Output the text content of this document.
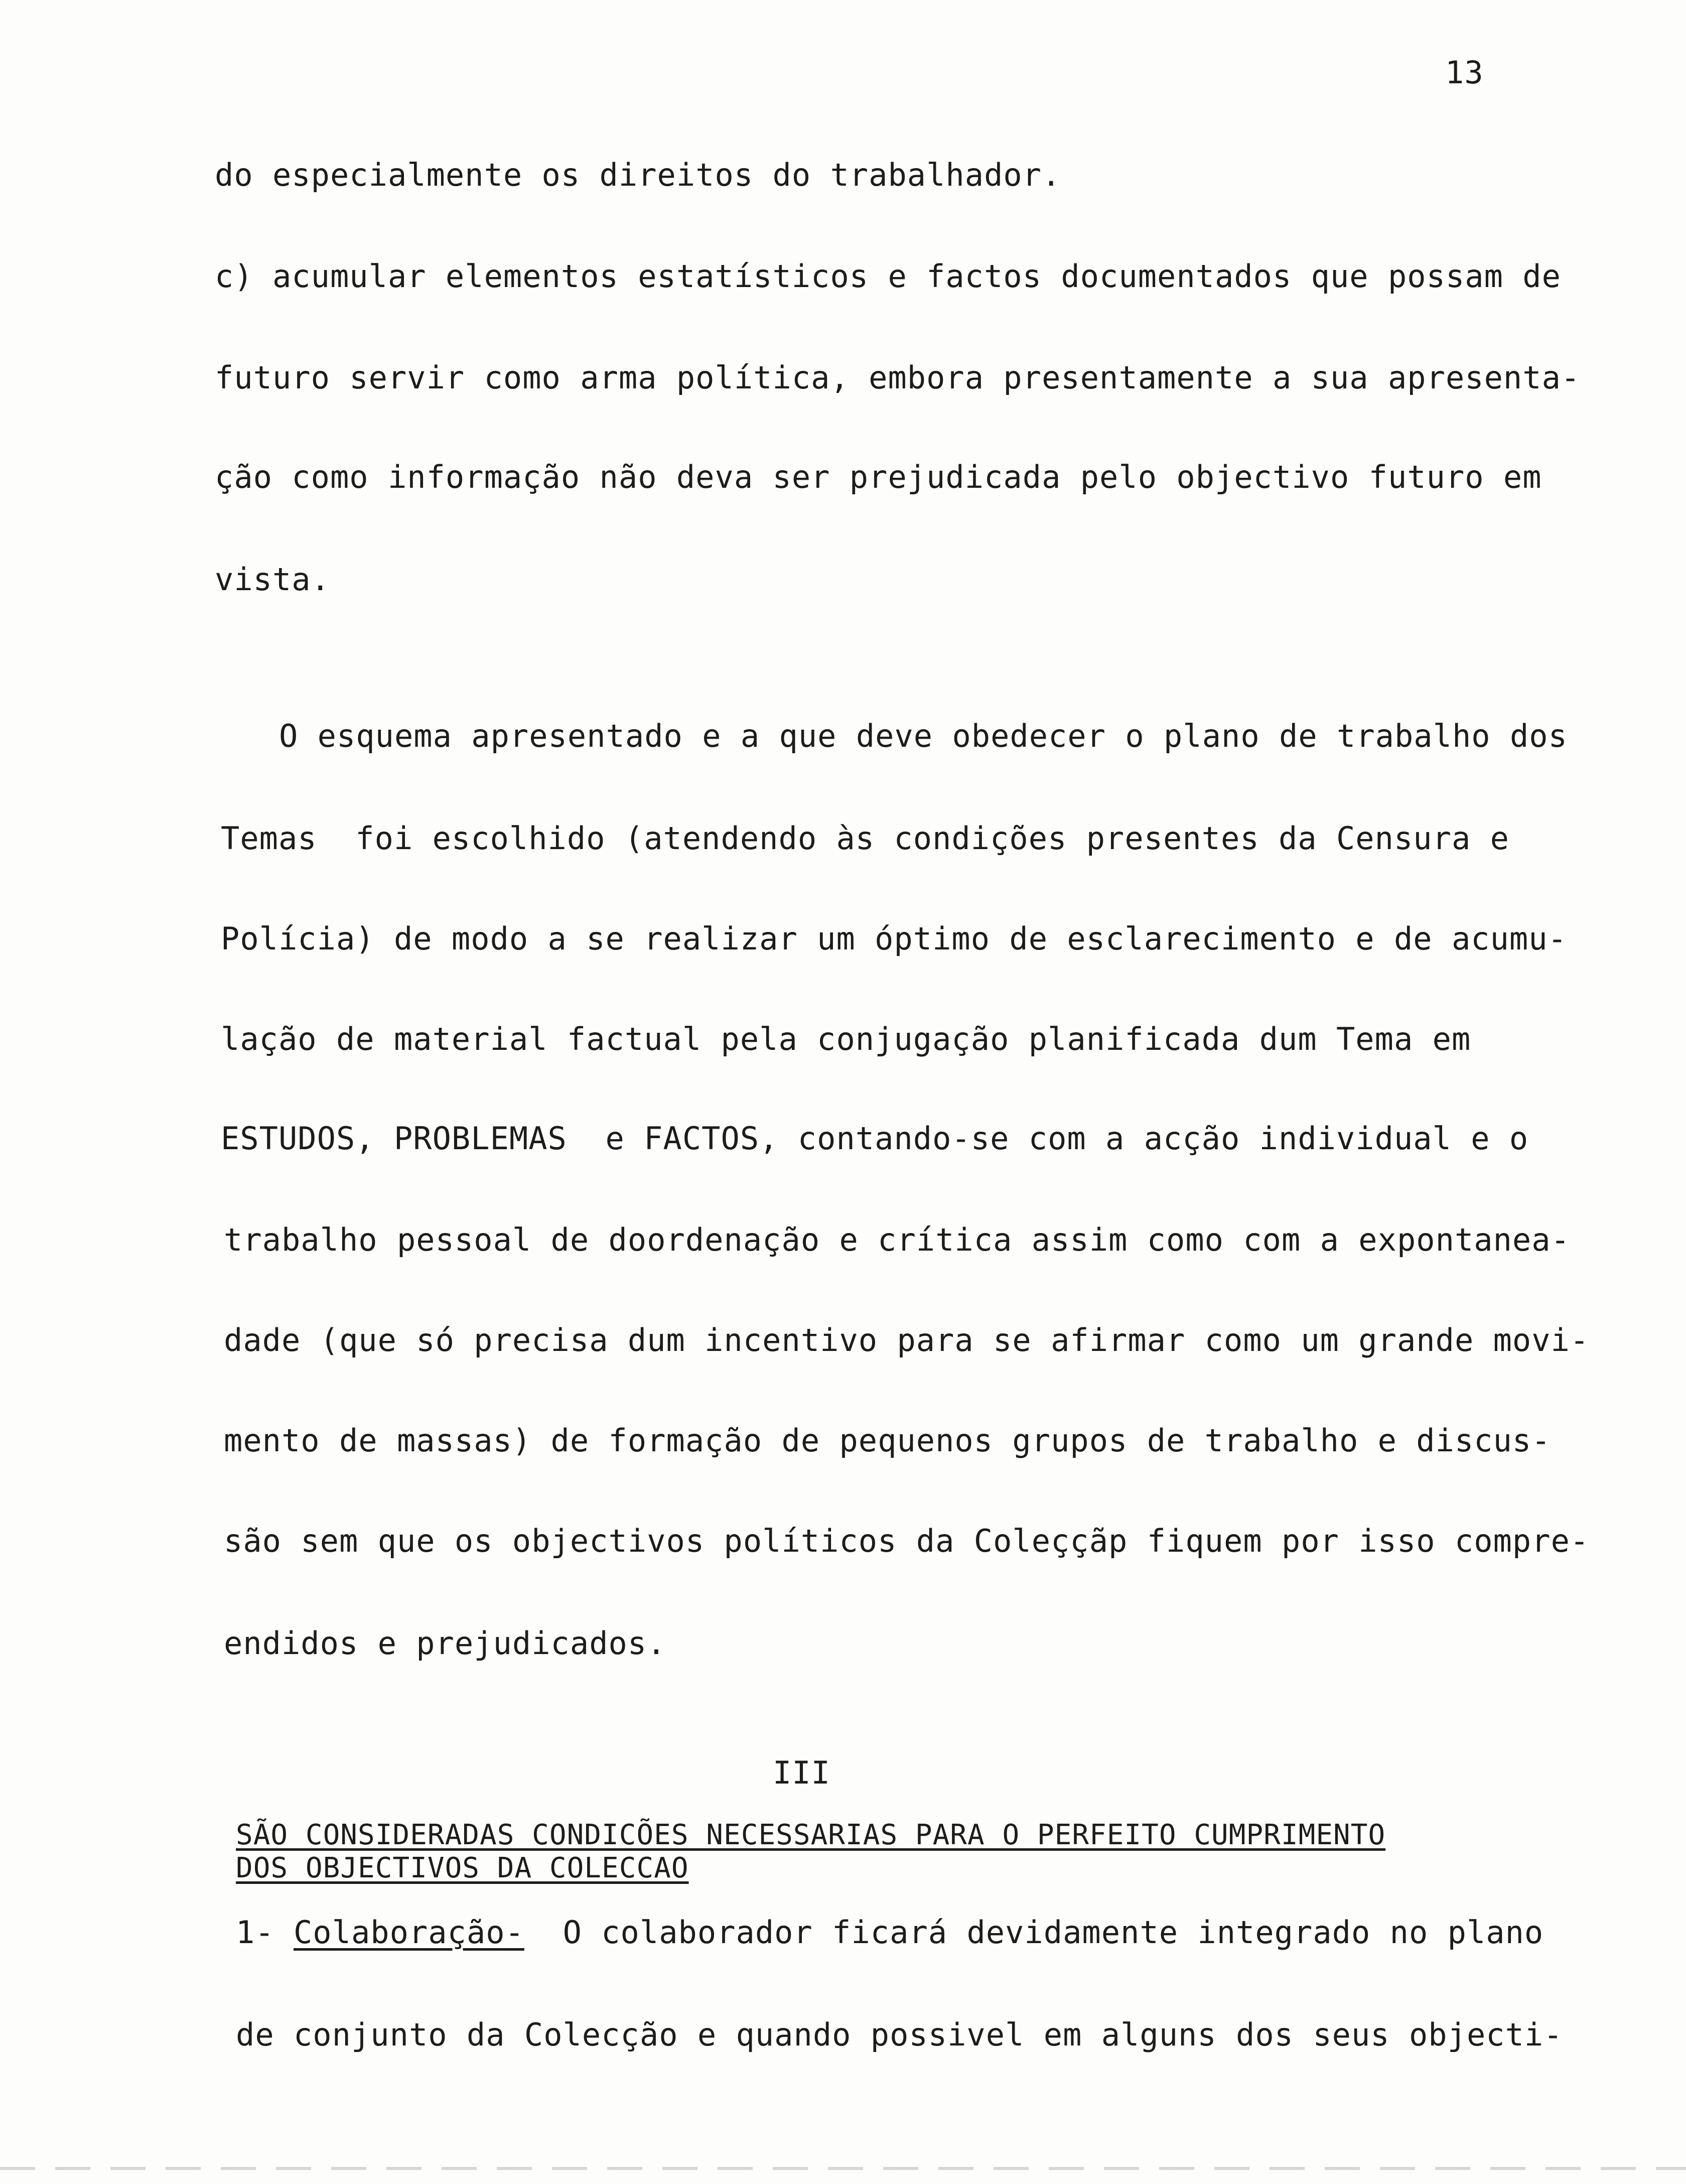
13
do especialmente os direitos do trabalhador.
c) acumular elementos estatísticos e factos documentados que possam de
futuro servir como arma política, embora presentamente a sua apresenta-
ção como informação não deva ser prejudicada pelo objectivo futuro em
vista.
O esquema apresentado e a que deve obedecer o plano de trabalho dos
Temas  foi escolhido (atendendo às condições presentes da Censura e
Polícia) de modo a se realizar um óptimo de esclarecimento e de acumu-
lação de material factual pela conjugação planificada dum Tema em
ESTUDOS, PROBLEMAS  e FACTOS, contando-se com a acção individual e o
trabalho pessoal de doordenação e crítica assim como com a expontanea-
dade (que só precisa dum incentivo para se afirmar como um grande movi-
mento de massas) de formação de pequenos grupos de trabalho e discus-
são sem que os objectivos políticos da Coleççãp fiquem por isso compre-
endidos e prejudicados.
III
SÃO CONSIDERADAS CONDICÕES NECESSARIAS PARA O PERFEITO CUMPRIMENTO
DOS OBJECTIVOS DA COLECCAO
1- Colaboração-  O colaborador ficará devidamente integrado no plano
de conjunto da Colecção e quando possivel em alguns dos seus objecti-
